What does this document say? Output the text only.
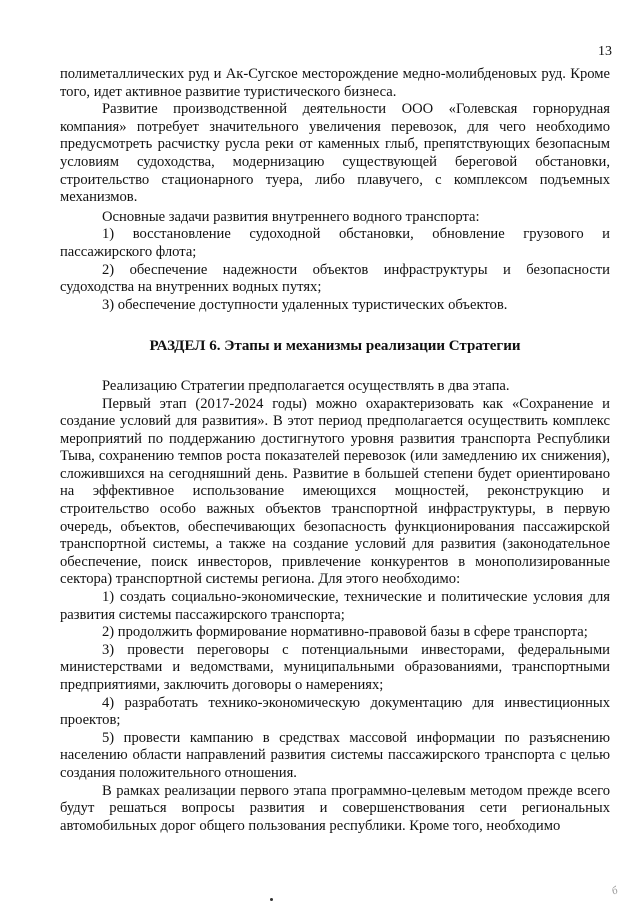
13

полиметаллических руд и Ак-Сугское месторождение медно-молибденовых руд. Кроме того, идет активное развитие туристического бизнеса.

Развитие производственной деятельности ООО «Голевская горнорудная компания» потребует значительного увеличения перевозок, для чего необходимо предусмотреть расчистку русла реки от каменных глыб, препятствующих безопасным условиям судоходства, модернизацию существующей береговой обстановки, строительство стационарного туера, либо плавучего, с комплексом подъемных механизмов.

Основные задачи развития внутреннего водного транспорта:

1) восстановление судоходной обстановки, обновление грузового и пассажирского флота;

2) обеспечение надежности объектов инфраструктуры и безопасности судоходства на внутренних водных путях;

3) обеспечение доступности удаленных туристических объектов.

РАЗДЕЛ 6. Этапы и механизмы реализации Стратегии

Реализацию Стратегии предполагается осуществлять в два этапа.

Первый этап (2017-2024 годы) можно охарактеризовать как «Сохранение и создание условий для развития». В этот период предполагается осуществить комплекс мероприятий по поддержанию достигнутого уровня развития транспорта Республики Тыва, сохранению темпов роста показателей перевозок (или замедлению их снижения), сложившихся на сегодняшний день. Развитие в большей степени будет ориентировано на эффективное использование имеющихся мощностей, реконструкцию и строительство особо важных объектов транспортной инфраструктуры, в первую очередь, объектов, обеспечивающих безопасность функционирования пассажирской транспортной системы, а также на создание условий для развития (законодательное обеспечение, поиск инвесторов, привлечение конкурентов в монополизированные сектора) транспортной системы региона. Для этого необходимо:

1) создать социально-экономические, технические и политические условия для развития системы пассажирского транспорта;

2) продолжить формирование нормативно-правовой базы в сфере транспорта;

3) провести переговоры с потенциальными инвесторами, федеральными министерствами и ведомствами, муниципальными образованиями, транспортными предприятиями, заключить договоры о намерениях;

4) разработать технико-экономическую документацию для инвестиционных проектов;

5) провести кампанию в средствах массовой информации по разъяснению населению области направлений развития системы пассажирского транспорта с целью создания положительного отношения.

В рамках реализации первого этапа программно-целевым методом прежде всего будут решаться вопросы развития и совершенствования сети региональных автомобильных дорог общего пользования республики. Кроме того, необходимо

б
